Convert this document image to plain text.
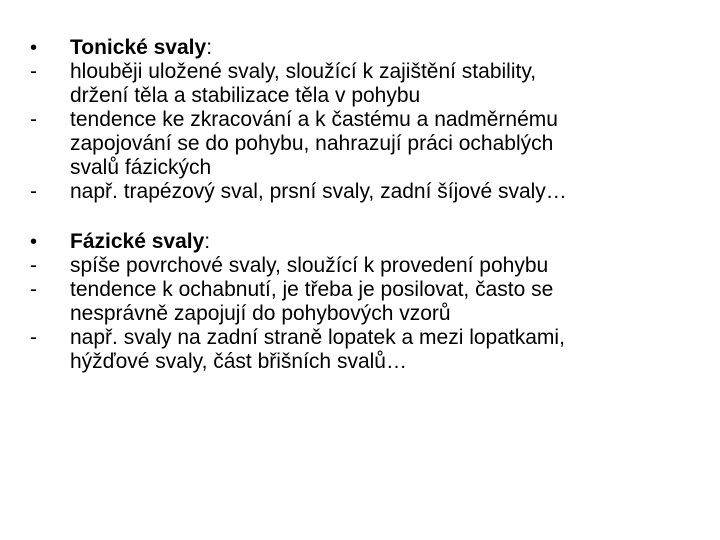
•	Tonické svaly:
-	hlouběji uložené svaly, sloužící k zajištění stability,
držení těla a stabilizace těla v pohybu
-	tendence ke zkracování a k častému a nadměrnému
zapojování se do pohybu, nahrazují práci ochablých
svalů fázických
-	např. trapézový sval, prsní svaly, zadní šíjové svaly…
•	Fázické svaly:
-	spíše povrchové svaly, sloužící k provedení pohybu
-	tendence k ochabnutí, je třeba je posilovat, často se
nesprávně zapojují do pohybových vzorů
-	např. svaly na zadní straně lopatek a mezi lopatkami,
hýžďové svaly, část břišních svalů…
